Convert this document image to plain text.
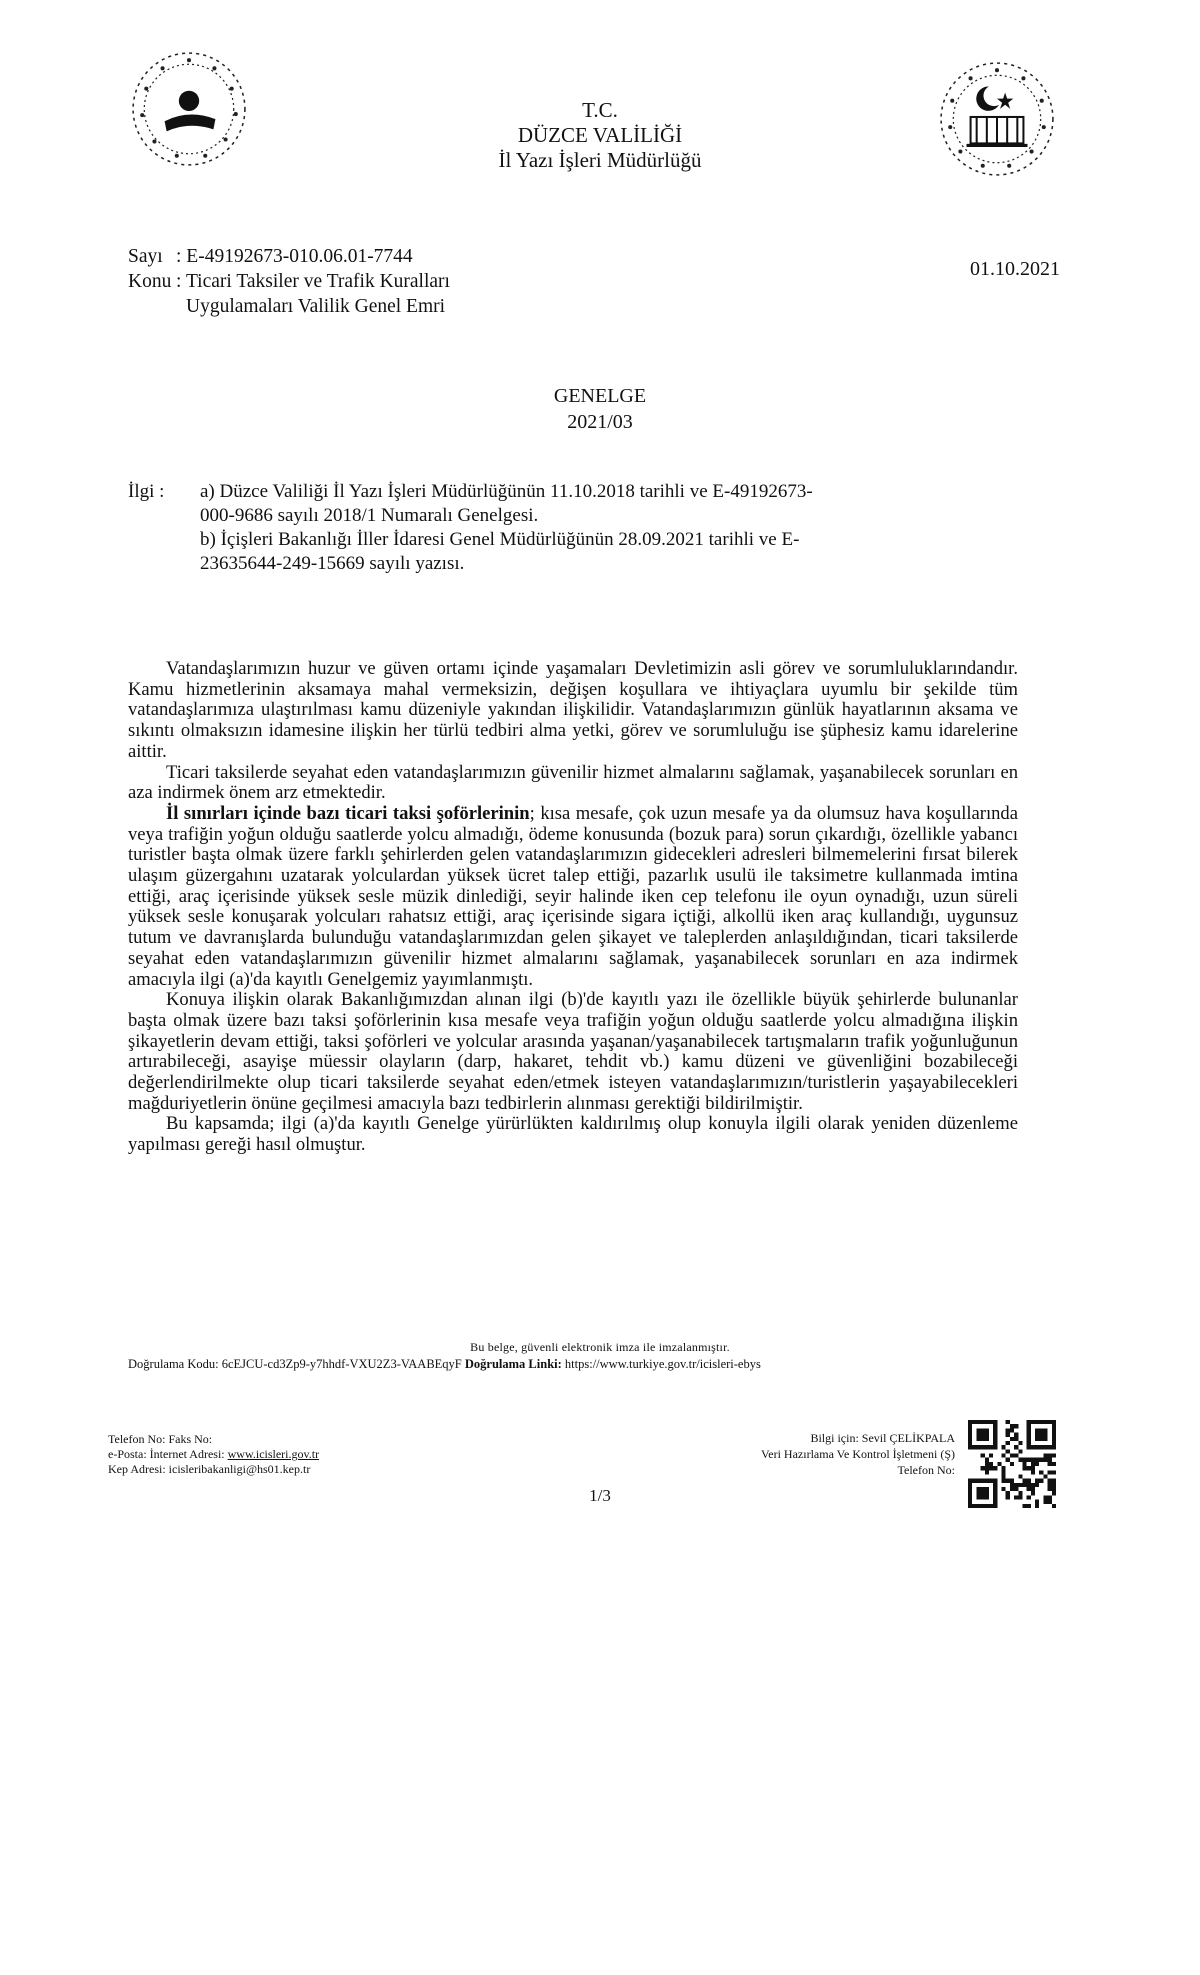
T.C.
DÜZCE VALİLİĞİ
İl Yazı İşleri Müdürlüğü
Sayı : E-49192673-010.06.01-7744
Konu : Ticari Taksiler ve Trafik Kuralları
Uygulamaları Valilik Genel Emri
01.10.2021
GENELGE
2021/03
İlgi : a) Düzce Valiliği İl Yazı İşleri Müdürlüğünün 11.10.2018 tarihli ve E-49192673-
000-9686 sayılı 2018/1 Numaralı Genelgesi.
b) İçişleri Bakanlığı İller İdaresi Genel Müdürlüğünün 28.09.2021 tarihli ve E-
23635644-249-15669 sayılı yazısı.

Vatandaşlarımızın huzur ve güven ortamı içinde yaşamaları Devletimizin asli görev ve sorumluluklarındandır. Kamu hizmetlerinin aksamaya mahal vermeksizin, değişen koşullara ve ihtiyaçlara uyumlu bir şekilde tüm vatandaşlarımıza ulaştırılması kamu düzeniyle yakından ilişkilidir. Vatandaşlarımızın günlük hayatlarının aksama ve sıkıntı olmaksızın idamesine ilişkin her türlü tedbiri alma yetki, görev ve sorumluluğu ise şüphesiz kamu idarelerine aittir.

Ticari taksilerde seyahat eden vatandaşlarımızın güvenilir hizmet almalarını sağlamak, yaşanabilecek sorunları en aza indirmek önem arz etmektedir.

İl sınırları içinde bazı ticari taksi şoförlerinin; kısa mesafe, çok uzun mesafe ya da olumsuz hava koşullarında veya trafiğin yoğun olduğu saatlerde yolcu almadığı, ödeme konusunda (bozuk para) sorun çıkardığı, özellikle yabancı turistler başta olmak üzere farklı şehirlerden gelen vatandaşlarımızın gidecekleri adresleri bilmemelerini fırsat bilerek ulaşım güzergahını uzatarak yolculardan yüksek ücret talep ettiği, pazarlık usulü ile taksimetre kullanmada imtina ettiği, araç içerisinde yüksek sesle müzik dinlediği, seyir halinde iken cep telefonu ile oyun oynadığı, uzun süreli yüksek sesle konuşarak yolcuları rahatsız ettiği, araç içerisinde sigara içtiği, alkollü iken araç kullandığı, uygunsuz tutum ve davranışlarda bulunduğu vatandaşlarımızdan gelen şikayet ve taleplerden anlaşıldığından, ticari taksilerde seyahat eden vatandaşlarımızın güvenilir hizmet almalarını sağlamak, yaşanabilecek sorunları en aza indirmek amacıyla ilgi (a)'da kayıtlı Genelgemiz yayımlanmıştı.

Konuya ilişkin olarak Bakanlığımızdan alınan ilgi (b)'de kayıtlı yazı ile özellikle büyük şehirlerde bulunanlar başta olmak üzere bazı taksi şoförlerinin kısa mesafe veya trafiğin yoğun olduğu saatlerde yolcu almadığına ilişkin şikayetlerin devam ettiği, taksi şoförleri ve yolcular arasında yaşanan/yaşanabilecek tartışmaların trafik yoğunluğunun artırabileceği, asayişe müessir olayların (darp, hakaret, tehdit vb.) kamu düzeni ve güvenliğini bozabileceği değerlendirilmekte olup ticari taksilerde seyahat eden/etmek isteyen vatandaşlarımızın/turistlerin yaşayabilecekleri mağduriyetlerin önüne geçilmesi amacıyla bazı tedbirlerin alınması gerektiği bildirilmiştir.

Bu kapsamda; ilgi (a)'da kayıtlı Genelge yürürlükten kaldırılmış olup konuyla ilgili olarak yeniden düzenleme yapılması gereği hasıl olmuştur.

Bu belge, güvenli elektronik imza ile imzalanmıştır.
Doğrulama Kodu: 6cEJCU-cd3Zp9-y7hhdf-VXU2Z3-VAABEqyF Doğrulama Linki: https://www.turkiye.gov.tr/icisleri-ebys
Telefon No: Faks No:
e-Posta: İnternet Adresi: www.icisleri.gov.tr
Kep Adresi: icisleribakanligi@hs01.kep.tr
Bilgi için: Sevil ÇELİKPALA
Veri Hazırlama Ve Kontrol İşletmeni (Ş)
Telefon No:
1/3
